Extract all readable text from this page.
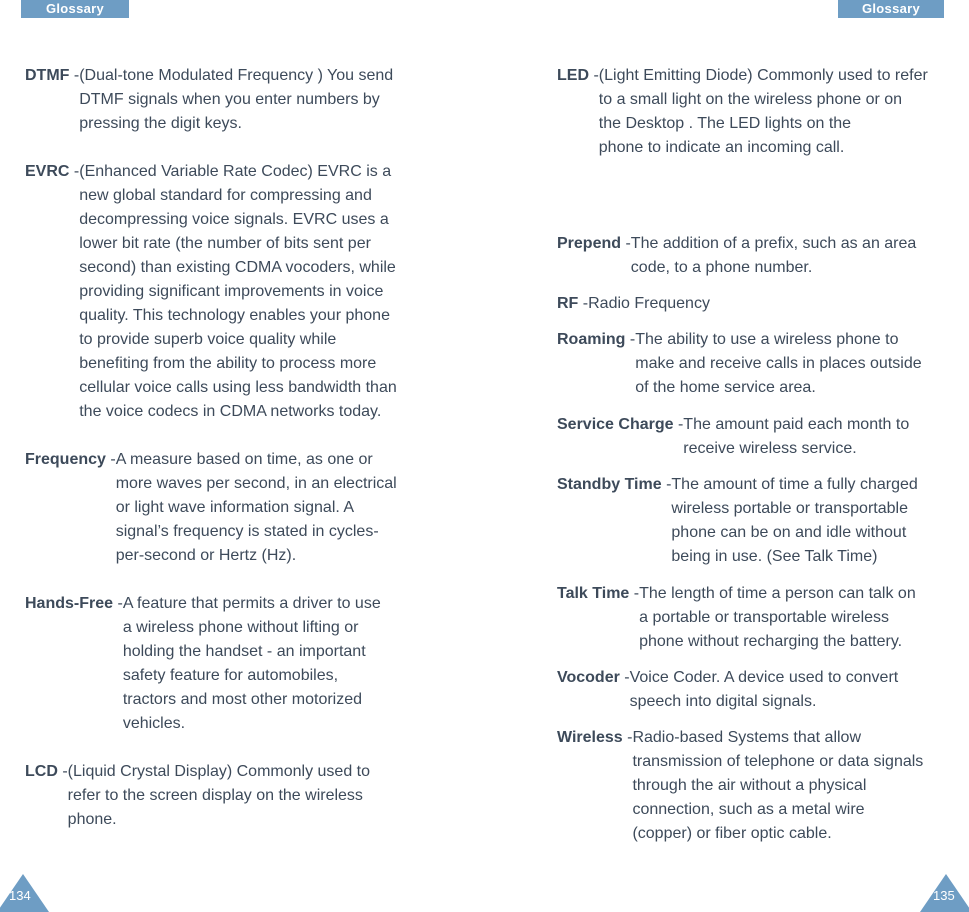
Glossary	Glossary
DTMF - (Dual-tone Modulated Frequency ) You send
DTMF signals when you enter numbers by
pressing the digit keys.
EVRC - (Enhanced Variable Rate Codec) EVRC is a
new global standard for compressing and
decompressing voice signals. EVRC uses a
lower bit rate (the number of bits sent per
second) than existing CDMA vocoders, while
providing significant improvements in voice
quality. This technology enables your phone
to provide superb voice quality while
benefiting from the ability to process more
cellular voice calls using less bandwidth than
the voice codecs in CDMA networks today.
Frequency - A measure based on time, as one or
more waves per second, in an electrical
or light wave information signal. A
signal’s frequency is stated in cycles-
per-second or Hertz (Hz).
Hands-Free - A feature that permits a driver to use
a wireless phone without lifting or
holding the handset - an important
safety feature for automobiles,
tractors and most other motorized
vehicles.
LCD - (Liquid Crystal Display) Commonly used to
refer to the screen display on the wireless
phone.
LED - (Light Emitting Diode) Commonly used to refer
to a small light on the wireless phone or on
the Desktop . The LED lights on the
phone to indicate an incoming call.
Prepend - The addition of a prefix, such as an area
code, to a phone number.
RF - Radio Frequency
Roaming - The ability to use a wireless phone to
make and receive calls in places outside
of the home service area.
Service Charge - The amount paid each month to
receive wireless service.
Standby Time - The amount of time a fully charged
wireless portable or transportable
phone can be on and idle without
being in use. (See Talk Time)
Talk Time - The length of time a person can talk on
a portable or transportable wireless
phone without recharging the battery.
Vocoder - Voice Coder. A device used to convert
speech into digital signals.
Wireless - Radio-based Systems that allow
transmission of telephone or data signals
through the air without a physical
connection, such as a metal wire
(copper) or fiber optic cable.
134	135
